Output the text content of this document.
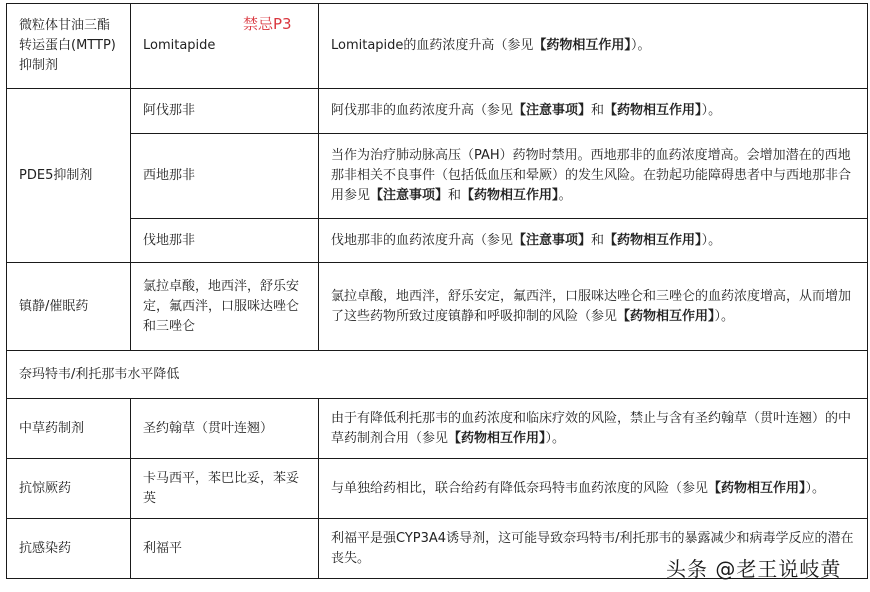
微粒体甘油三酯转运蛋白(MTTP)抑制剂	Lomitapide	Lomitapide的血药浓度升高（参见【药物相互作用】）。
PDE5抑制剂	阿伐那非	阿伐那非的血药浓度升高（参见【注意事项】和【药物相互作用】）。
	西地那非	当作为治疗肺动脉高压（PAH）药物时禁用。西地那非的血药浓度增高。会增加潜在的西地那非相关不良事件（包括低血压和晕厥）的发生风险。在勃起功能障碍患者中与西地那非合用参见【注意事项】和【药物相互作用】。
	伐地那非	伐地那非的血药浓度升高（参见【注意事项】和【药物相互作用】）。
镇静/催眠药	氯拉卓酸，地西泮，舒乐安定，氟西泮，口服咪达唑仑和三唑仑	氯拉卓酸，地西泮，舒乐安定，氟西泮，口服咪达唑仑和三唑仑的血药浓度增高，从而增加了这些药物所致过度镇静和呼吸抑制的风险（参见【药物相互作用】）。
奈玛特韦/利托那韦水平降低		
中草药制剂	圣约翰草（贯叶连翘）	由于有降低利托那韦的血药浓度和临床疗效的风险，禁止与含有圣约翰草（贯叶连翘）的中草药制剂合用（参见【药物相互作用】）。
抗惊厥药	卡马西平，苯巴比妥，苯妥英	与单独给药相比，联合给药有降低奈玛特韦血药浓度的风险（参见【药物相互作用】）。
抗感染药	利福平	利福平是强CYP3A4诱导剂，这可能导致奈玛特韦/利托那韦的暴露减少和病毒学反应的潜在丧失。
禁忌P3
头条 @老王说岐黄
